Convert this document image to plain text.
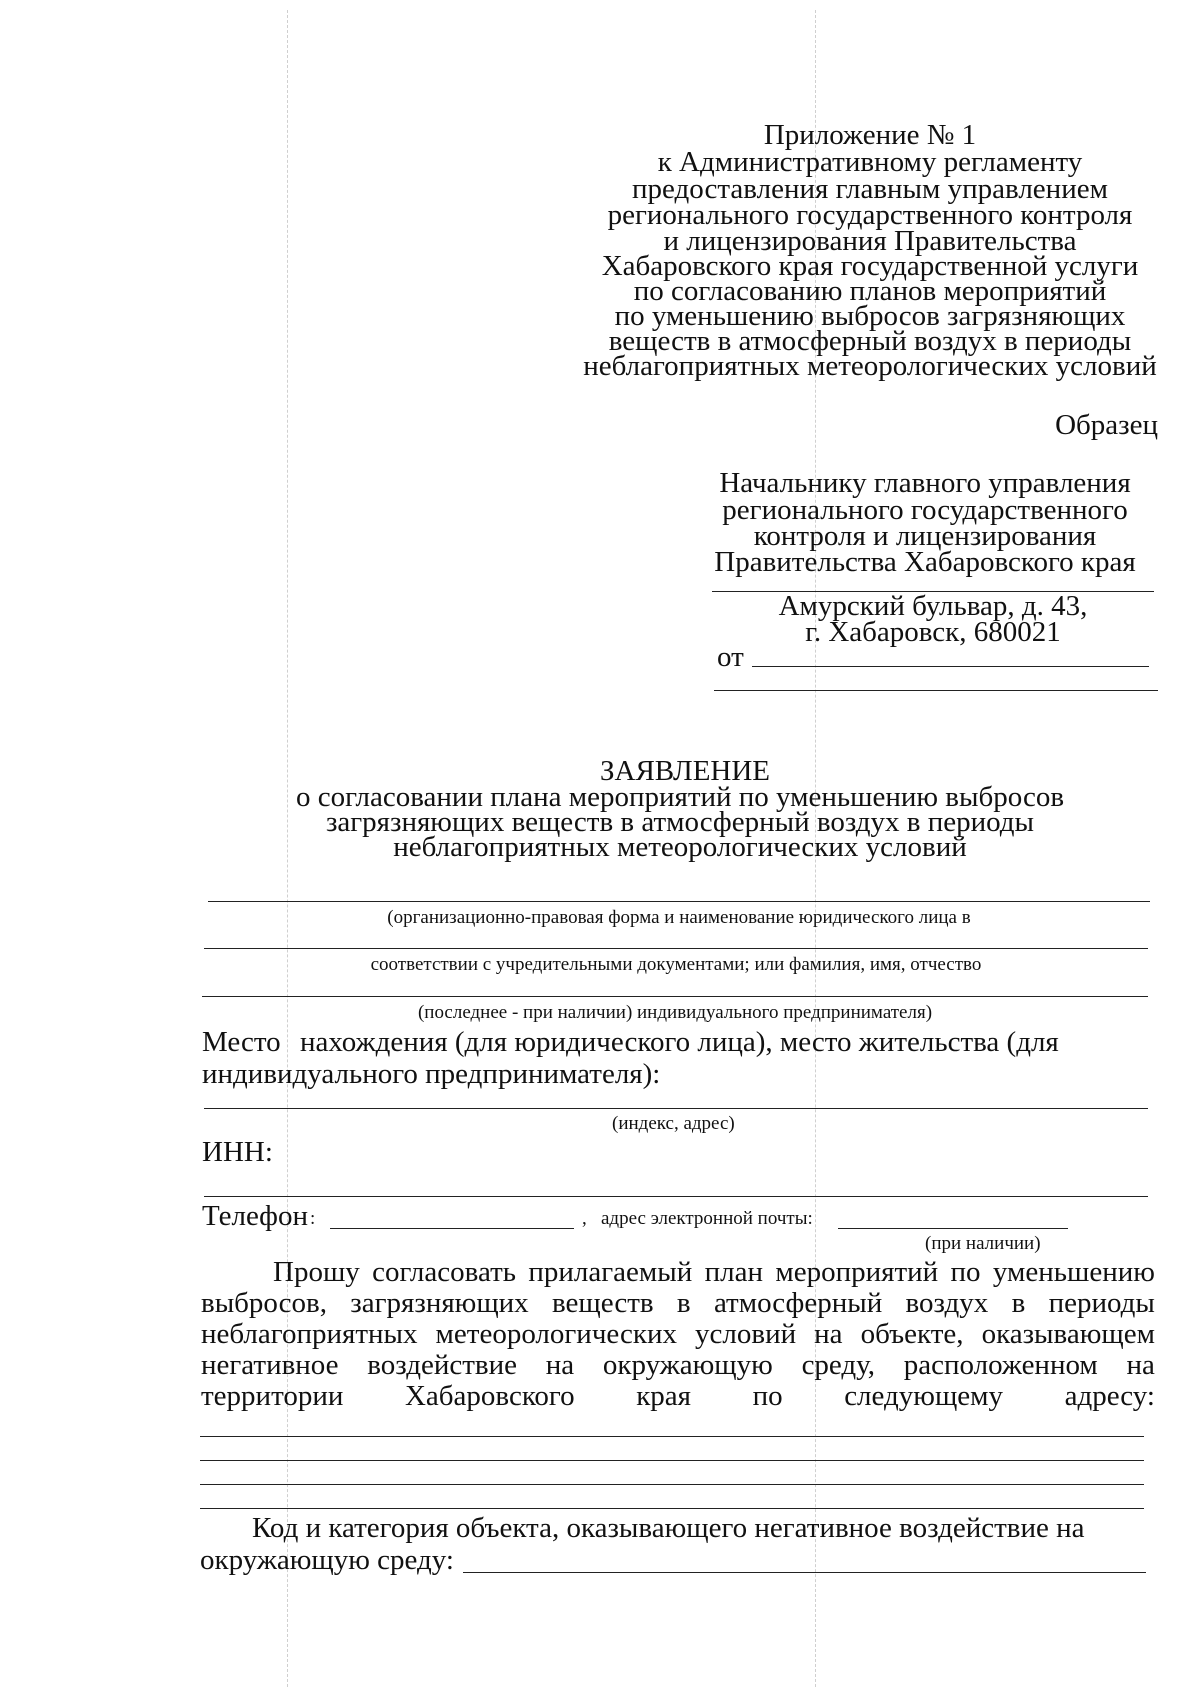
Приложение № 1
к Административному регламенту
предоставления главным управлением
регионального государственного контроля
и лицензирования Правительства
Хабаровского края государственной услуги
по согласованию планов мероприятий
по уменьшению выбросов загрязняющих
веществ в атмосферный воздух в периоды
неблагоприятных метеорологических условий
Образец
Начальнику главного управления
регионального государственного
контроля и лицензирования
Правительства Хабаровского края
Амурский бульвар, д. 43,
г. Хабаровск, 680021
от
ЗАЯВЛЕНИЕ
о согласовании плана мероприятий по уменьшению выбросов
загрязняющих веществ в атмосферный воздух в периоды
неблагоприятных метеорологических условий
(организационно-правовая форма и наименование юридического лица в
соответствии с учредительными документами; или фамилия, имя, отчество
(последнее - при наличии) индивидуального предпринимателя)
Место нахождения (для юридического лица), место жительства (для
индивидуального предпринимателя):
(индекс, адрес)
ИНН:
Телефон :	, адрес электронной почты:
(при наличии)
Прошу согласовать прилагаемый план мероприятий по уменьшению
выбросов, загрязняющих веществ в атмосферный воздух в периоды
неблагоприятных метеорологических условий на объекте, оказывающем
негативное воздействие на окружающую среду, расположенном на
территории Хабаровского края по следующему адресу:
Код и категория объекта, оказывающего негативное воздействие на
окружающую среду:
